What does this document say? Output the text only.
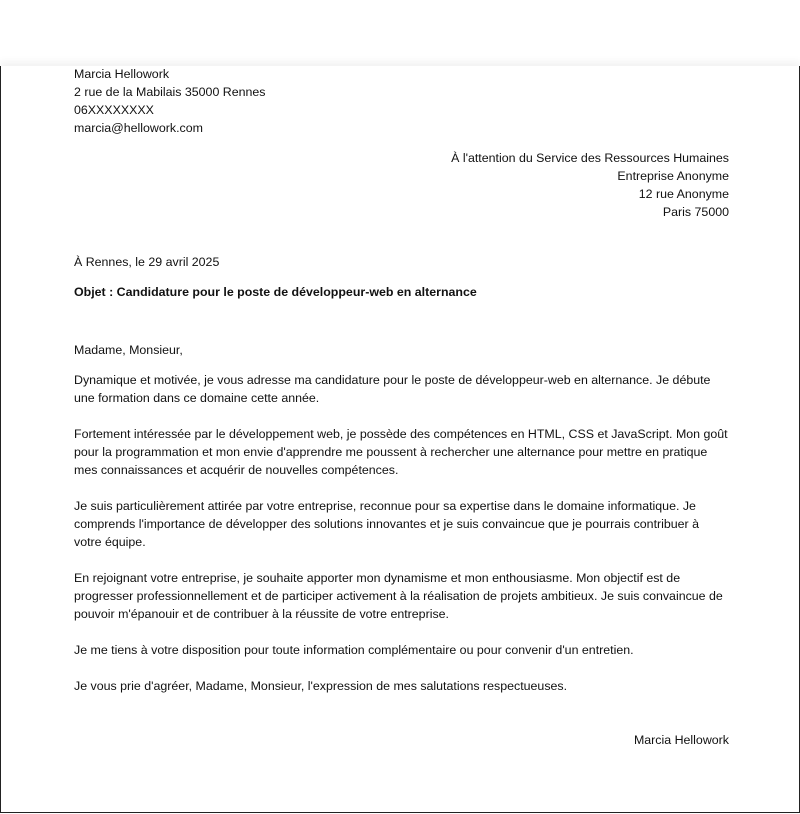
Marcia Hellowork
2 rue de la Mabilais 35000 Rennes
06XXXXXXXX
marcia@hellowork.com
À l'attention du Service des Ressources Humaines
Entreprise Anonyme
12 rue Anonyme
Paris 75000
À Rennes, le 29 avril 2025
Objet : Candidature pour le poste de développeur-web en alternance
Madame, Monsieur,

Dynamique et motivée, je vous adresse ma candidature pour le poste de développeur-web en alternance. Je débute une formation dans ce domaine cette année.

Fortement intéressée par le développement web, je possède des compétences en HTML, CSS et JavaScript. Mon goût pour la programmation et mon envie d'apprendre me poussent à rechercher une alternance pour mettre en pratique mes connaissances et acquérir de nouvelles compétences.

Je suis particulièrement attirée par votre entreprise, reconnue pour sa expertise dans le domaine informatique. Je comprends l'importance de développer des solutions innovantes et je suis convaincue que je pourrais contribuer à votre équipe.

En rejoignant votre entreprise, je souhaite apporter mon dynamisme et mon enthousiasme. Mon objectif est de progresser professionnellement et de participer activement à la réalisation de projets ambitieux. Je suis convaincue de pouvoir m'épanouir et de contribuer à la réussite de votre entreprise.

Je me tiens à votre disposition pour toute information complémentaire ou pour convenir d'un entretien.

Je vous prie d'agréer, Madame, Monsieur, l'expression de mes salutations respectueuses.

Marcia Hellowork
